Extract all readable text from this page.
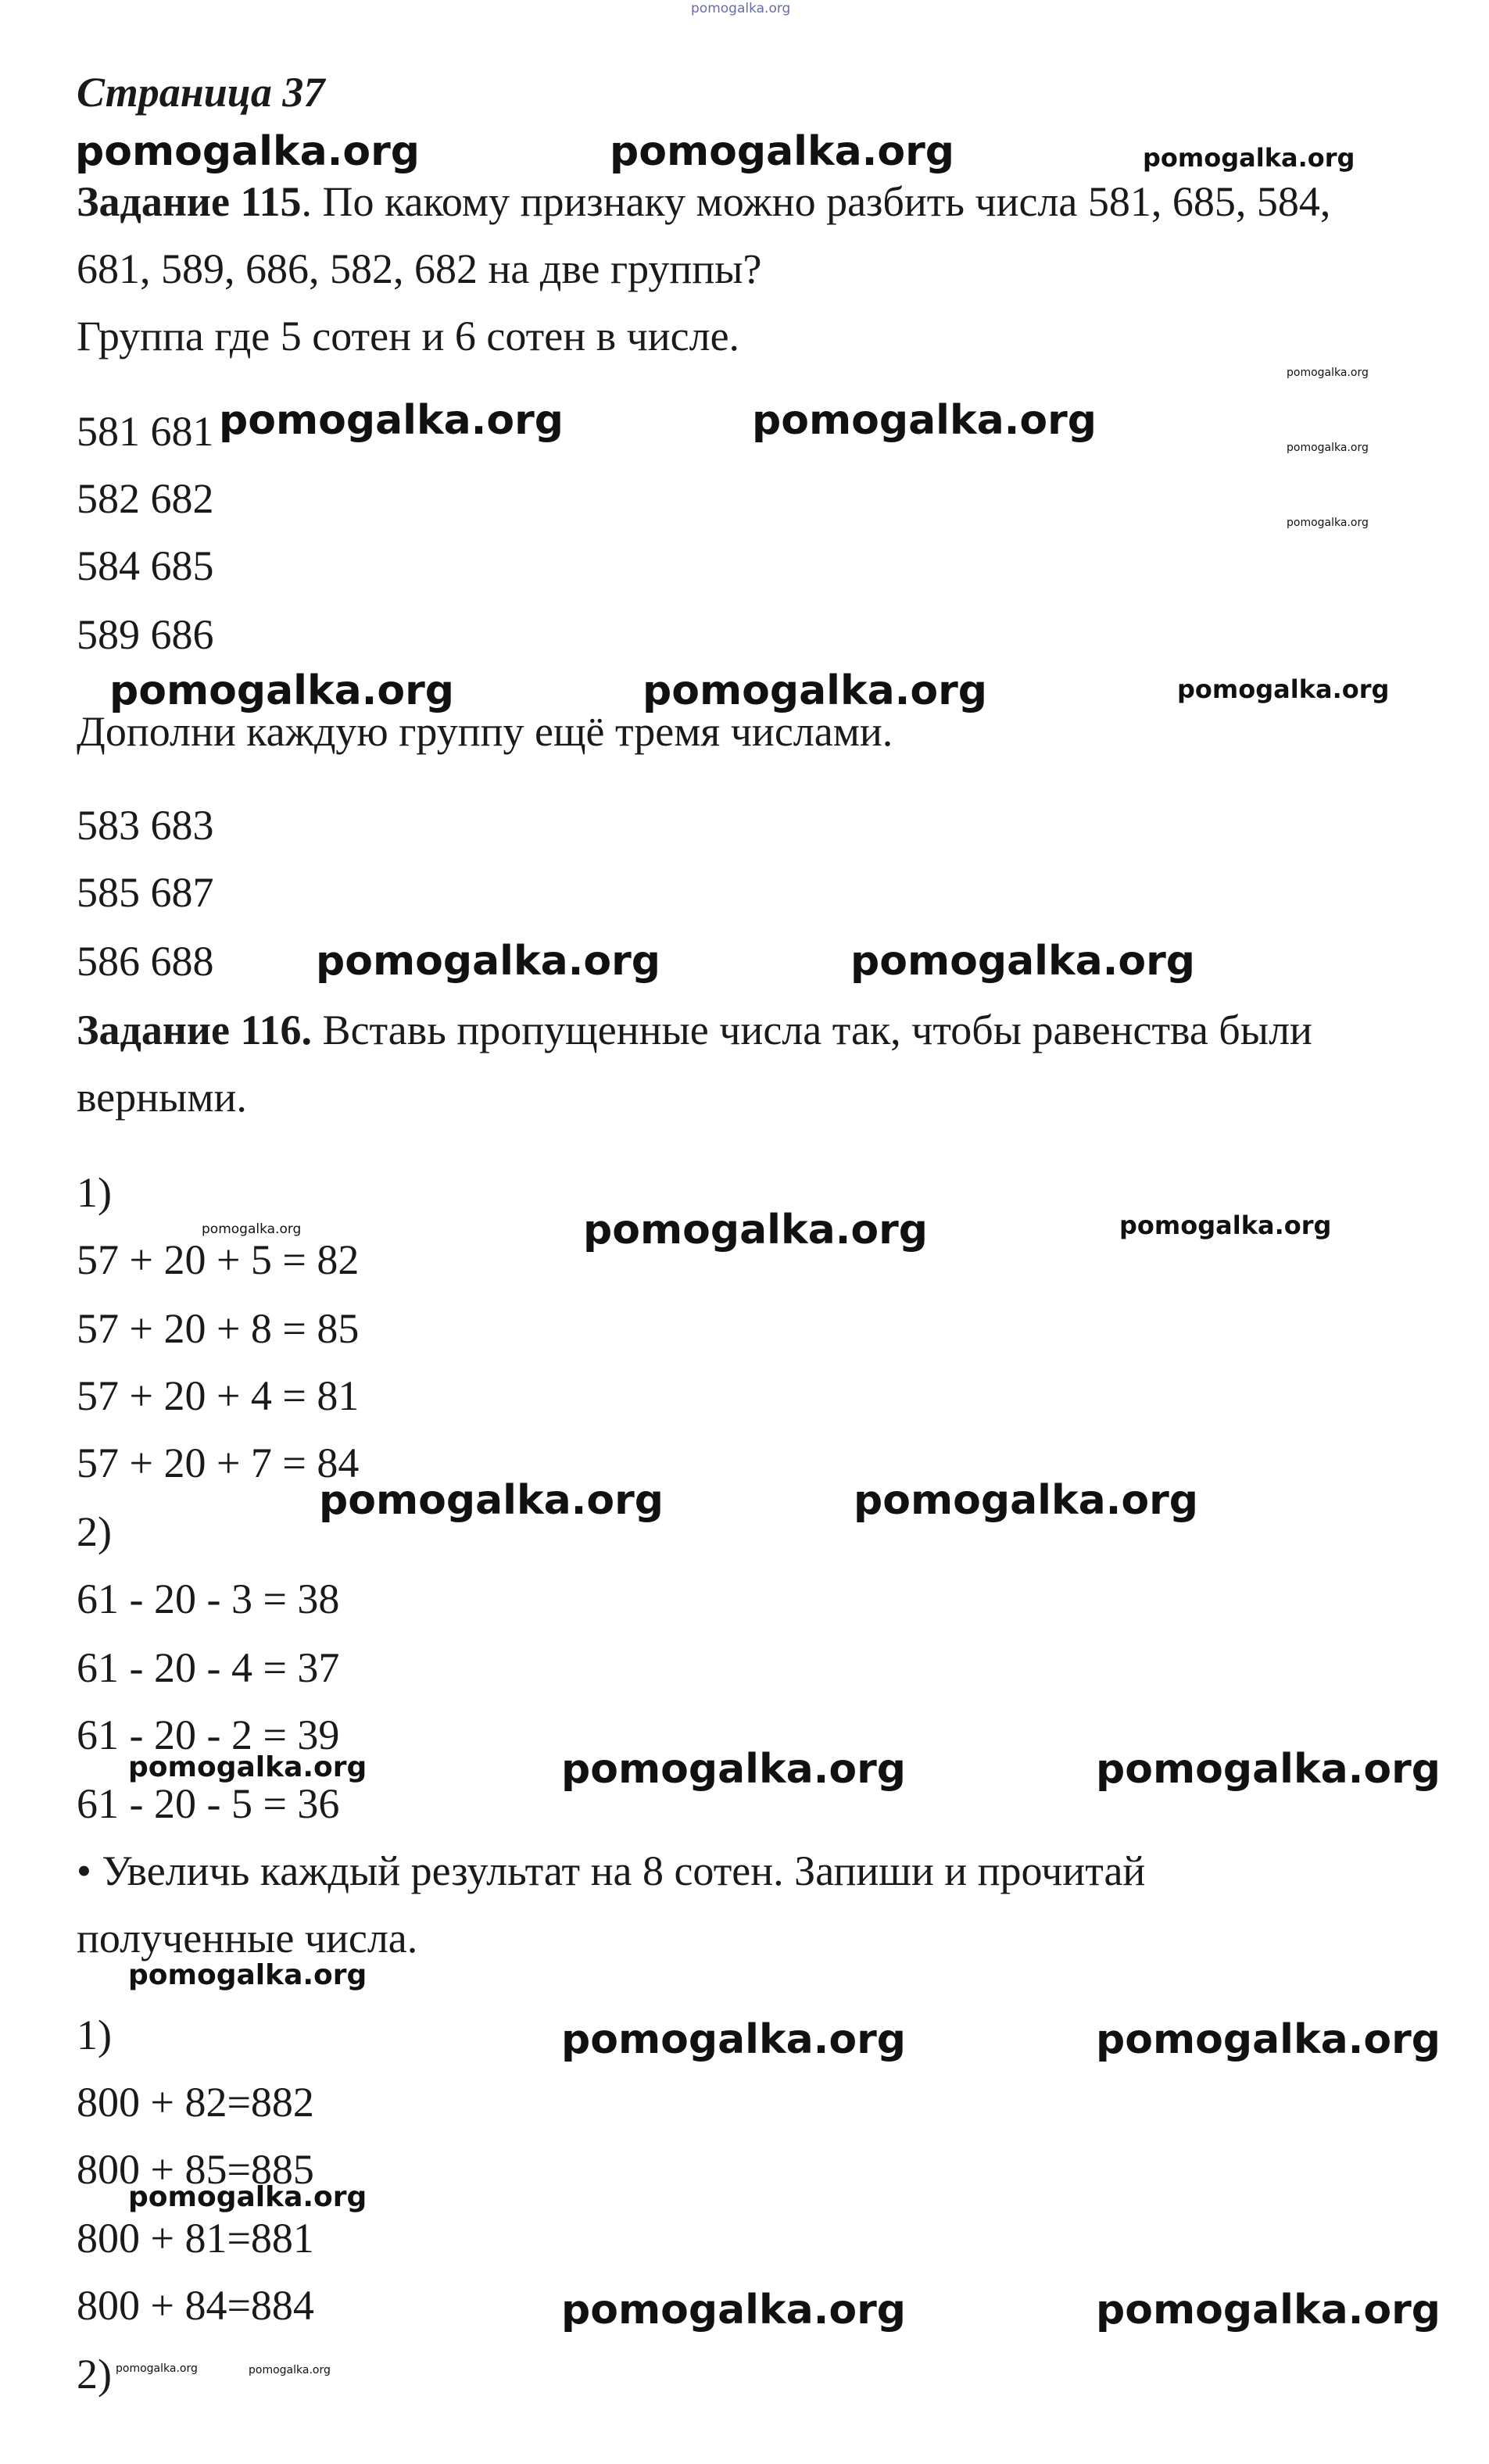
pomogalka.org
Страница 37
pomogalka.org	pomogalka.org	pomogalka.org
Задание 115. По какому признаку можно разбить числа 581, 685, 584,
681, 589, 686, 582, 682 на две группы?
Группа где 5 сотен и 6 сотен в числе.
pomogalka.org
581 681 pomogalka.org	pomogalka.org
pomogalka.org
582 682
pomogalka.org
584 685
589 686
pomogalka.org	pomogalka.org	pomogalka.org
Дополни каждую группу ещё тремя числами.
583 683
585 687
586 688	pomogalka.org	pomogalka.org
Задание 116. Вставь пропущенные числа так, чтобы равенства были
верными.
1)
pomogalka.org	pomogalka.org	pomogalka.org
57 + 20 + 5 = 82
57 + 20 + 8 = 85
57 + 20 + 4 = 81
57 + 20 + 7 = 84
pomogalka.org	pomogalka.org
2)
61 - 20 - 3 = 38
61 - 20 - 4 = 37
61 - 20 - 2 = 39
pomogalka.org	pomogalka.org	pomogalka.org
61 - 20 - 5 = 36
• Увеличь каждый результат на 8 сотен. Запиши и прочитай
полученные числа.
pomogalka.org
1)	pomogalka.org	pomogalka.org
800 + 82=882
800 + 85=885
pomogalka.org
800 + 81=881
800 + 84=884	pomogalka.org	pomogalka.org
2) pomogalka.org	pomogalka.org
